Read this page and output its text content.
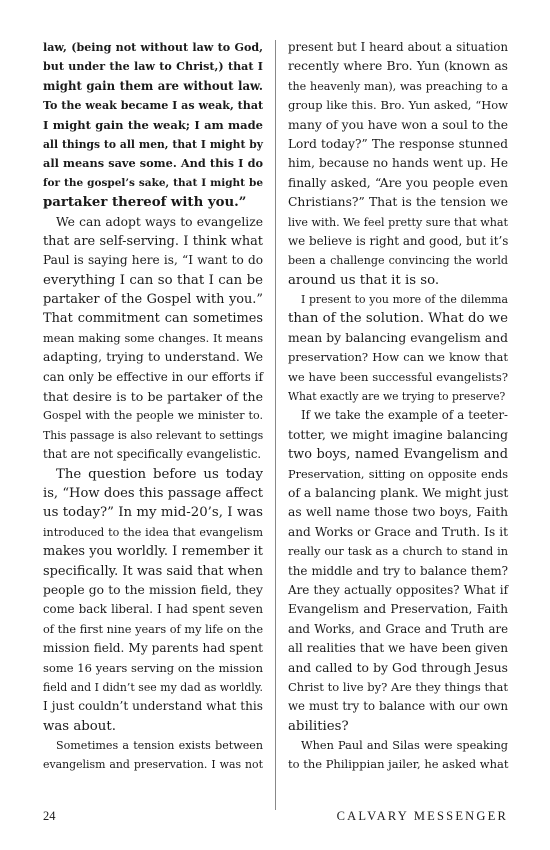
law, (being not without law to God,
but under the law to Christ,) that I
might gain them are without law.
To the weak became I as weak, that
I might gain the weak; I am made
all things to all men, that I might by
all means save some. And this I do
for the gospel’s sake, that I might be
partaker thereof with you.”
We can adopt ways to evangelize
that are self-serving. I think what
Paul is saying here is, “I want to do
everything I can so that I can be
partaker of the Gospel with you.”
That commitment can sometimes
mean making some changes. It means
adapting, trying to understand. We
can only be effective in our efforts if
that desire is to be partaker of the
Gospel with the people we minister to.
This passage is also relevant to settings
that are not specifically evangelistic.
The question before us today
is, “How does this passage affect
us today?” In my mid-20’s, I was
introduced to the idea that evangelism
makes you worldly. I remember it
specifically. It was said that when
people go to the mission field, they
come back liberal. I had spent seven
of the first nine years of my life on the
mission field. My parents had spent
some 16 years serving on the mission
field and I didn’t see my dad as worldly.
I just couldn’t understand what this
was about.
Sometimes a tension exists between
evangelism and preservation. I was not
present but I heard about a situation
recently where Bro. Yun (known as
the heavenly man), was preaching to a
group like this. Bro. Yun asked, “How
many of you have won a soul to the
Lord today?” The response stunned
him, because no hands went up. He
finally asked, “Are you people even
Christians?” That is the tension we
live with. We feel pretty sure that what
we believe is right and good, but it’s
been a challenge convincing the world
around us that it is so.
I present to you more of the dilemma
than of the solution. What do we
mean by balancing evangelism and
preservation? How can we know that
we have been successful evangelists?
What exactly are we trying to preserve?
If we take the example of a teeter-
totter, we might imagine balancing
two boys, named Evangelism and
Preservation, sitting on opposite ends
of a balancing plank. We might just
as well name those two boys, Faith
and Works or Grace and Truth. Is it
really our task as a church to stand in
the middle and try to balance them?
Are they actually opposites? What if
Evangelism and Preservation, Faith
and Works, and Grace and Truth are
all realities that we have been given
and called to by God through Jesus
Christ to live by? Are they things that
we must try to balance with our own
abilities?
When Paul and Silas were speaking
to the Philippian jailer, he asked what
24	CALVARY MESSENGER
